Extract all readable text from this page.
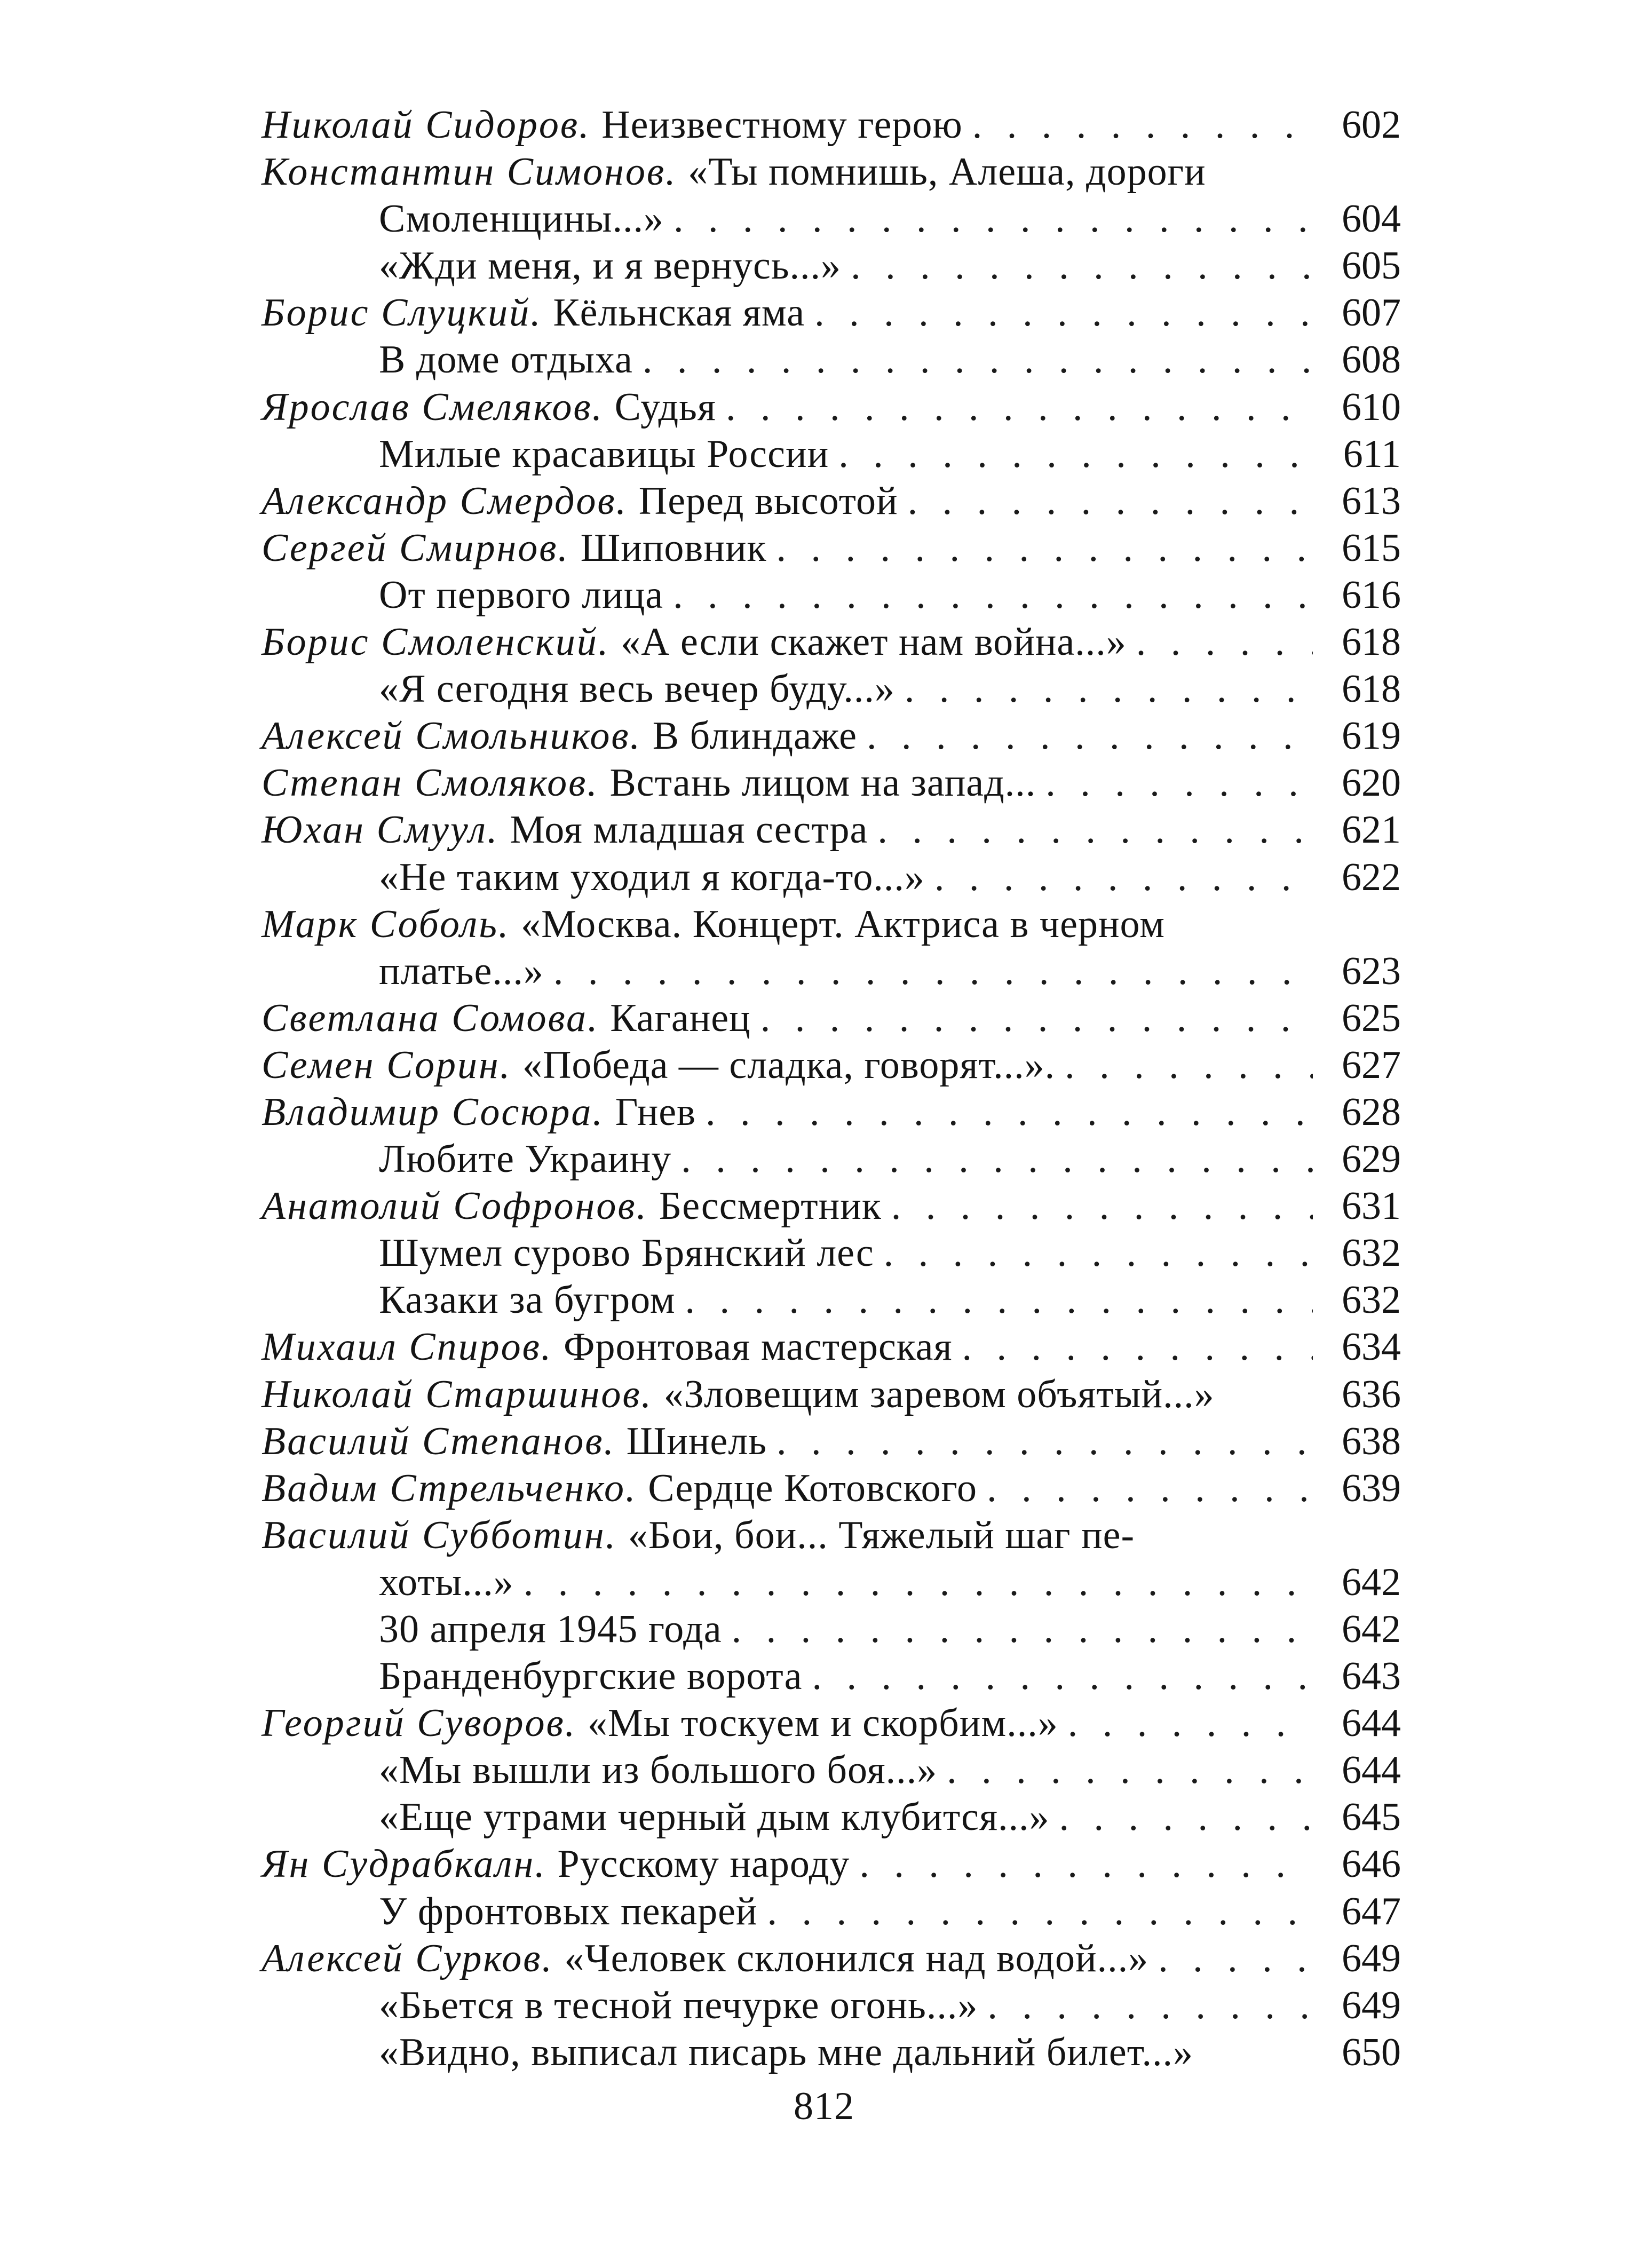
Николай Сидоров. Неизвестному герою . . .	602
Константин Симонов. «Ты помнишь, Алеша, дороги
Смоленщины...» . . .	604
«Жди меня, и я вернусь...» . . .	605
Борис Слуцкий. Кёльнская яма . . .	607
В доме отдыха . . .	608
Ярослав Смеляков. Судья . . .	610
Милые красавицы России . . .	611
Александр Смердов. Перед высотой . . .	613
Сергей Смирнов. Шиповник . . .	615
От первого лица . . .	616
Борис Смоленский. «А если скажет нам война...» . . .	618
«Я сегодня весь вечер буду...» . . .	618
Алексей Смольников. В блиндаже . . .	619
Степан Смоляков. Встань лицом на запад... . . .	620
Юхан Смуул. Моя младшая сестра . . .	621
«Не таким уходил я когда-то...» . . .	622
Марк Соболь. «Москва. Концерт. Актриса в черном
платье...» . . .	623
Светлана Сомова. Каганец . . .	625
Семен Сорин. «Победа — сладка, говорят...». . . .	627
Владимир Сосюра. Гнев . . .	628
Любите Украину . . .	629
Анатолий Софронов. Бессмертник . . .	631
Шумел сурово Брянский лес . . .	632
Казаки за бугром . . .	632
Михаил Спиров. Фронтовая мастерская . . .	634
Николай Старшинов. «Зловещим заревом объятый...»	636
Василий Степанов. Шинель . . .	638
Вадим Стрельченко. Сердце Котовского . . .	639
Василий Субботин. «Бои, бои... Тяжелый шаг пе-
хоты...» . . .	642
30 апреля 1945 года . . .	642
Бранденбургские ворота . . .	643
Георгий Суворов. «Мы тоскуем и скорбим...» . . .	644
«Мы вышли из большого боя...» . . .	644
«Еще утрами черный дым клубится...» . . .	645
Ян Судрабкалн. Русскому народу . . .	646
У фронтовых пекарей . . .	647
Алексей Сурков. «Человек склонился над водой...» . . .	649
«Бьется в тесной печурке огонь...» . . .	649
«Видно, выписал писарь мне дальний билет...»	650
812
